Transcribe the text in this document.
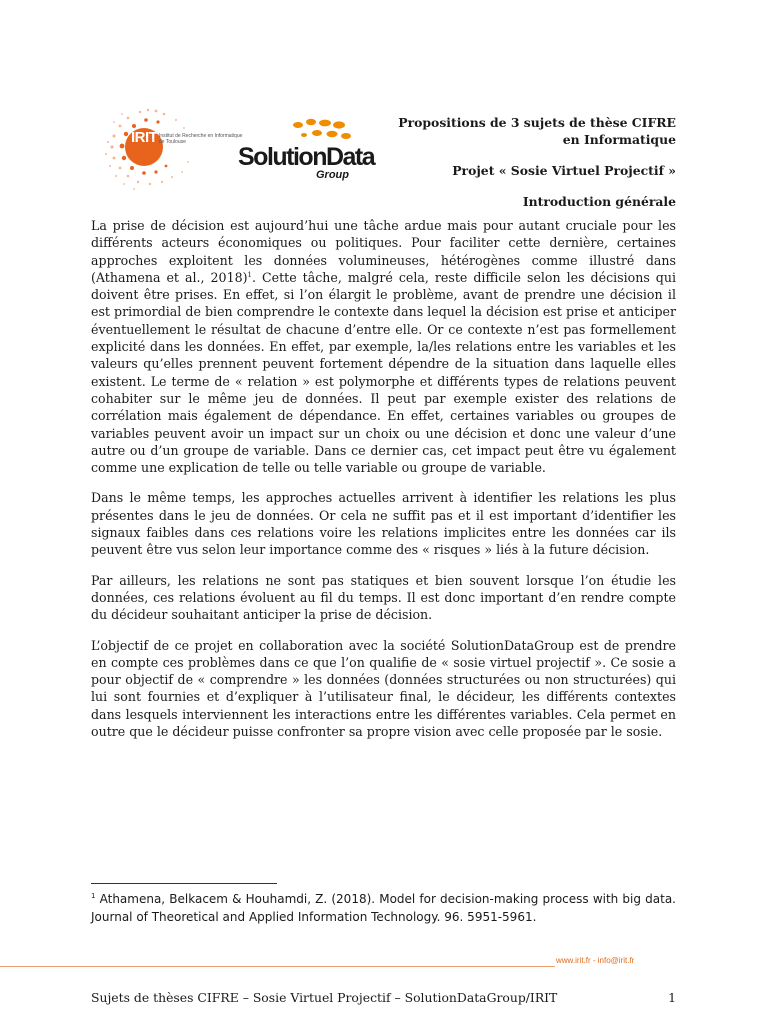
IRIT Institut de Recherche en Informatique de Toulouse
SolutionData
Group

Propositions de 3 sujets de thèse CIFRE

en Informatique

Projet « Sosie Virtuel Projectif »

Introduction générale

La prise de décision est aujourd’hui une tâche ardue mais pour autant cruciale pour les différents acteurs économiques ou politiques. Pour faciliter cette dernière, certaines approches exploitent les données volumineuses, hétérogènes comme illustré dans (Athamena et al., 2018)$^1$. Cette tâche, malgré cela, reste difficile selon les décisions qui doivent être prises. En effet, si l’on élargit le problème, avant de prendre une décision il est primordial de bien comprendre le contexte dans lequel la décision est prise et anticiper éventuellement le résultat de chacune d’entre elle. Or ce contexte n’est pas formellement explicité dans les données. En effet, par exemple, la/les relations entre les variables et les valeurs qu’elles prennent peuvent fortement dépendre de la situation dans laquelle elles existent. Le terme de « relation » est polymorphe et différents types de relations peuvent cohabiter sur le même jeu de données. Il peut par exemple exister des relations de corrélation mais également de dépendance. En effet, certaines variables ou groupes de variables peuvent avoir un impact sur un choix ou une décision et donc une valeur d’une autre ou d’un groupe de variable. Dans ce dernier cas, cet impact peut être vu également comme une explication de telle ou telle variable ou groupe de variable.

Dans le même temps, les approches actuelles arrivent à identifier les relations les plus présentes dans le jeu de données. Or cela ne suffit pas et il est important d’identifier les signaux faibles dans ces relations voire les relations implicites entre les données car ils peuvent être vus selon leur importance comme des « risques » liés à la future décision.

Par ailleurs, les relations ne sont pas statiques et bien souvent lorsque l’on étudie les données, ces relations évoluent au fil du temps. Il est donc important d’en rendre compte du décideur souhaitant anticiper la prise de décision.

L’objectif de ce projet en collaboration avec la société SolutionDataGroup est de prendre en compte ces problèmes dans ce que l’on qualifie de « sosie virtuel projectif ». Ce sosie a pour objectif de « comprendre » les données (données structurées ou non structurées) qui lui sont fournies et d’expliquer à l’utilisateur final, le décideur, les différents contextes dans lesquels interviennent les interactions entre les différentes variables. Cela permet en outre que le décideur puisse confronter sa propre vision avec celle proposée par le sosie.

$^1$ Athamena, Belkacem & Houhamdi, Z. (2018). Model for decision-making process with big data. Journal of Theoretical and Applied Information Technology. 96. 5951-5961.

www.irit.fr - info@irit.fr
Sujets de thèses CIFRE – Sosie Virtuel Projectif – SolutionDataGroup/IRIT	1
